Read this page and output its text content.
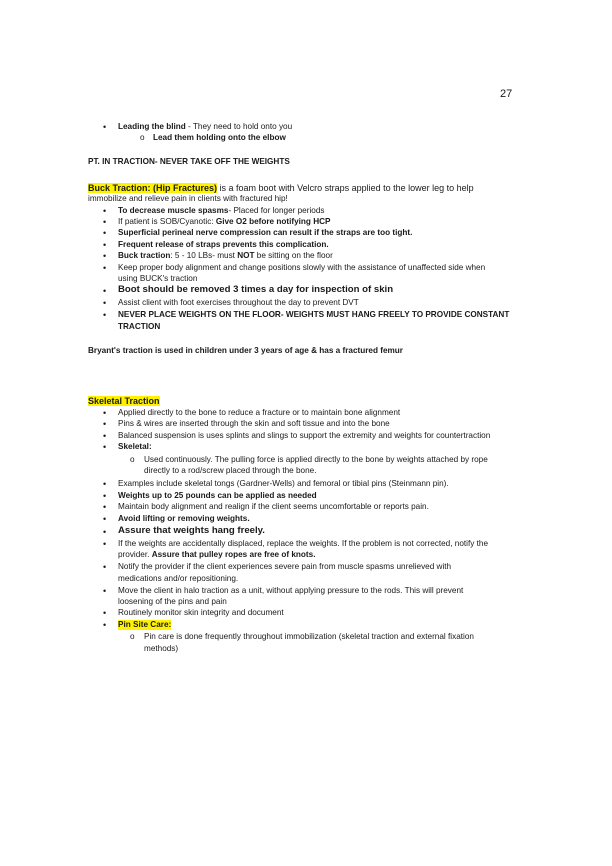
27
• Leading the blind - They need to hold onto you
o Lead them holding onto the elbow
PT. IN TRACTION- NEVER TAKE OFF THE WEIGHTS
Buck Traction: (Hip Fractures) is a foam boot with Velcro straps applied to the lower leg to help
immobilize and relieve pain in clients with fractured hip!
• To decrease muscle spasms- Placed for longer periods
• If patient is SOB/Cyanotic: Give O2 before notifying HCP
• Superficial perineal nerve compression can result if the straps are too tight.
• Frequent release of straps prevents this complication.
• Buck traction: 5 - 10 LBs- must NOT be sitting on the floor
• Keep proper body alignment and change positions slowly with the assistance of unaffected side when
using BUCK's traction
• Boot should be removed 3 times a day for inspection of skin
• Assist client with foot exercises throughout the day to prevent DVT
• NEVER PLACE WEIGHTS ON THE FLOOR- WEIGHTS MUST HANG FREELY TO PROVIDE CONSTANT
TRACTION
Bryant's traction is used in children under 3 years of age & has a fractured femur
Skeletal Traction
• Applied directly to the bone to reduce a fracture or to maintain bone alignment
• Pins & wires are inserted through the skin and soft tissue and into the bone
• Balanced suspension is uses splints and slings to support the extremity and weights for countertraction
• Skeletal:
o Used continuously. The pulling force is applied directly to the bone by weights attached by rope
directly to a rod/screw placed through the bone.
• Examples include skeletal tongs (Gardner-Wells) and femoral or tibial pins (Steinmann pin).
• Weights up to 25 pounds can be applied as needed
• Maintain body alignment and realign if the client seems uncomfortable or reports pain.
• Avoid lifting or removing weights.
• Assure that weights hang freely.
• If the weights are accidentally displaced, replace the weights. If the problem is not corrected, notify the
provider. Assure that pulley ropes are free of knots.
• Notify the provider if the client experiences severe pain from muscle spasms unrelieved with
medications and/or repositioning.
• Move the client in halo traction as a unit, without applying pressure to the rods. This will prevent
loosening of the pins and pain
• Routinely monitor skin integrity and document
• Pin Site Care:
o Pin care is done frequently throughout immobilization (skeletal traction and external fixation
methods)
